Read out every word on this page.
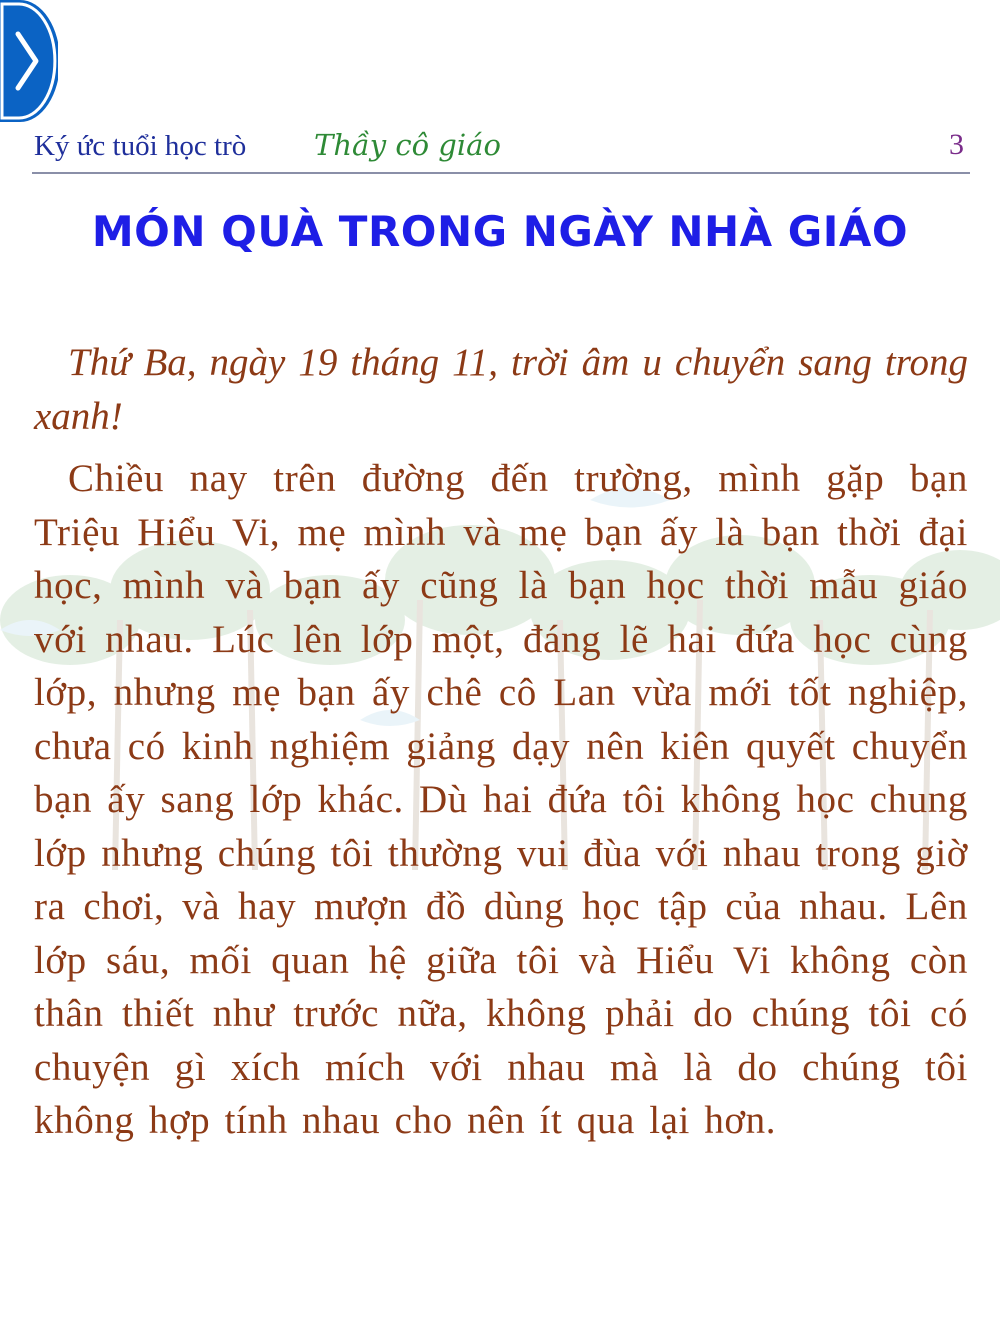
Ký ức tuổi học trò Thầy cô giáo	3
MÓN QUÀ TRONG NGÀY NHÀ GIÁO

Thứ Ba, ngày 19 tháng 11, trời âm u chuyển sang trong xanh!

Chiều nay trên đường đến trường, mình gặp bạn Triệu Hiểu Vi, mẹ mình và mẹ bạn ấy là bạn thời đại học, mình và bạn ấy cũng là bạn học thời mẫu giáo với nhau. Lúc lên lớp một, đáng lẽ hai đứa học cùng lớp, nhưng mẹ bạn ấy chê cô Lan vừa mới tốt nghiệp, chưa có kinh nghiệm giảng dạy nên kiên quyết chuyển bạn ấy sang lớp khác. Dù hai đứa tôi không học chung lớp nhưng chúng tôi thường vui đùa với nhau trong giờ ra chơi, và hay mượn đồ dùng học tập của nhau. Lên lớp sáu, mối quan hệ giữa tôi và Hiểu Vi không còn thân thiết như trước nữa, không phải do chúng tôi có chuyện gì xích mích với nhau mà là do chúng tôi không hợp tính nhau cho nên ít qua lại hơn.
